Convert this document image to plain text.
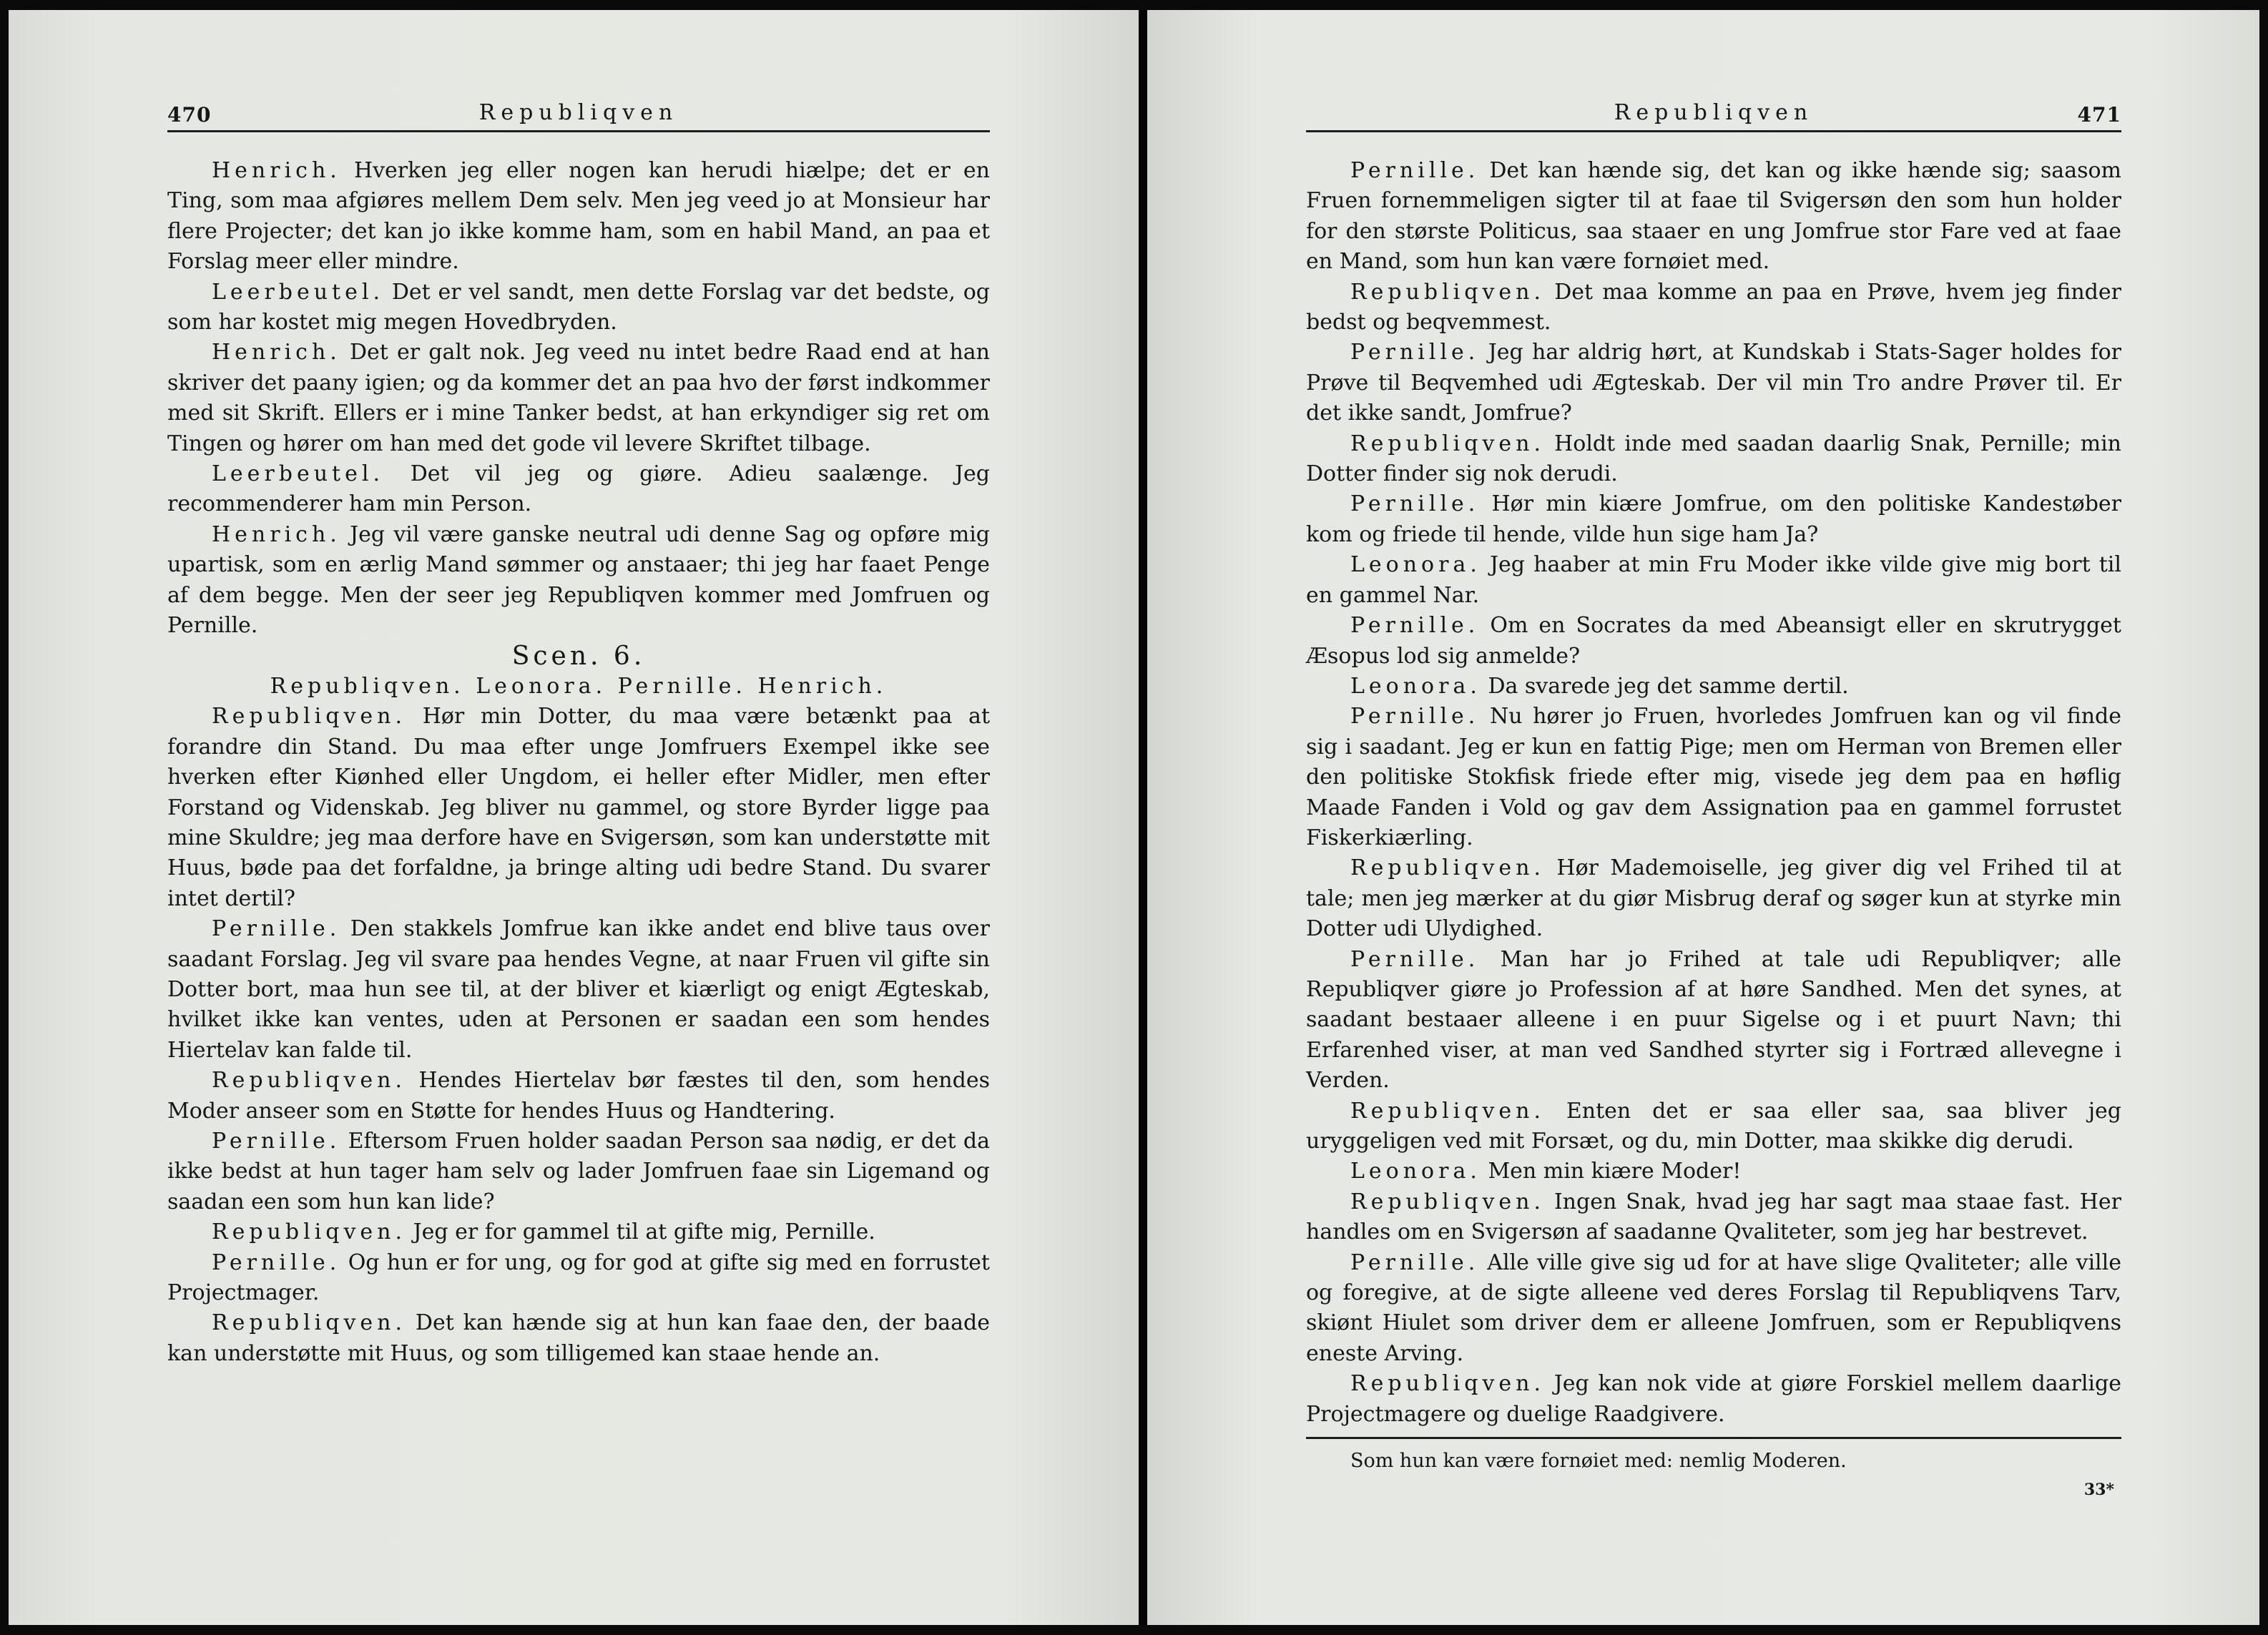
470	Republiqven

Henrich. Hverken jeg eller nogen kan herudi hiælpe; det er en Ting, som maa afgiøres mellem Dem selv. Men jeg veed jo at Monsieur har flere Projecter; det kan jo ikke komme ham, som en habil Mand, an paa et Forslag meer eller mindre.

Leerbeutel. Det er vel sandt, men dette Forslag var det bedste, og som har kostet mig megen Hovedbryden.

Henrich. Det er galt nok. Jeg veed nu intet bedre Raad end at han skriver det paany igien; og da kommer det an paa hvo der først indkommer med sit Skrift. Ellers er i mine Tanker bedst, at han erkyndiger sig ret om Tingen og hører om han med det gode vil levere Skriftet tilbage.

Leerbeutel. Det vil jeg og giøre. Adieu saalænge. Jeg recommenderer ham min Person.

Henrich. Jeg vil være ganske neutral udi denne Sag og opføre mig upartisk, som en ærlig Mand sømmer og anstaaer; thi jeg har faaet Penge af dem begge. Men der seer jeg Republiqven kommer med Jomfruen og Pernille.

Scen. 6.

Republiqven. Leonora. Pernille. Henrich.

Republiqven. Hør min Dotter, du maa være betænkt paa at forandre din Stand. Du maa efter unge Jomfruers Exempel ikke see hverken efter Kiønhed eller Ungdom, ei heller efter Midler, men efter Forstand og Videnskab. Jeg bliver nu gammel, og store Byrder ligge paa mine Skuldre; jeg maa derfore have en Svigersøn, som kan understøtte mit Huus, bøde paa det forfaldne, ja bringe alting udi bedre Stand. Du svarer intet dertil?

Pernille. Den stakkels Jomfrue kan ikke andet end blive taus over saadant Forslag. Jeg vil svare paa hendes Vegne, at naar Fruen vil gifte sin Dotter bort, maa hun see til, at der bliver et kiærligt og enigt Ægteskab, hvilket ikke kan ventes, uden at Personen er saadan een som hendes Hiertelav kan falde til.

Republiqven. Hendes Hiertelav bør fæstes til den, som hendes Moder anseer som en Støtte for hendes Huus og Handtering.

Pernille. Eftersom Fruen holder saadan Person saa nødig, er det da ikke bedst at hun tager ham selv og lader Jomfruen faae sin Ligemand og saadan een som hun kan lide?

Republiqven. Jeg er for gammel til at gifte mig, Pernille.

Pernille. Og hun er for ung, og for god at gifte sig med en forrustet Projectmager.

Republiqven. Det kan hænde sig at hun kan faae den, der baade kan understøtte mit Huus, og som tilligemed kan staae hende an.

Republiqven	471

Pernille. Det kan hænde sig, det kan og ikke hænde sig; saasom Fruen fornemmeligen sigter til at faae til Svigersøn den som hun holder for den største Politicus, saa staaer en ung Jomfrue stor Fare ved at faae en Mand, som hun kan være fornøiet med.

Republiqven. Det maa komme an paa en Prøve, hvem jeg finder bedst og beqvemmest.

Pernille. Jeg har aldrig hørt, at Kundskab i Stats-Sager holdes for Prøve til Beqvemhed udi Ægteskab. Der vil min Tro andre Prøver til. Er det ikke sandt, Jomfrue?

Republiqven. Holdt inde med saadan daarlig Snak, Pernille; min Dotter finder sig nok derudi.

Pernille. Hør min kiære Jomfrue, om den politiske Kandestøber kom og friede til hende, vilde hun sige ham Ja?

Leonora. Jeg haaber at min Fru Moder ikke vilde give mig bort til en gammel Nar.

Pernille. Om en Socrates da med Abeansigt eller en skrutrygget Æsopus lod sig anmelde?

Leonora. Da svarede jeg det samme dertil.

Pernille. Nu hører jo Fruen, hvorledes Jomfruen kan og vil finde sig i saadant. Jeg er kun en fattig Pige; men om Herman von Bremen eller den politiske Stokfisk friede efter mig, visede jeg dem paa en høflig Maade Fanden i Vold og gav dem Assignation paa en gammel forrustet Fiskerkiærling.

Republiqven. Hør Mademoiselle, jeg giver dig vel Frihed til at tale; men jeg mærker at du giør Misbrug deraf og søger kun at styrke min Dotter udi Ulydighed.

Pernille. Man har jo Frihed at tale udi Republiqver; alle Republiqver giøre jo Profession af at høre Sandhed. Men det synes, at saadant bestaaer alleene i en puur Sigelse og i et puurt Navn; thi Erfarenhed viser, at man ved Sandhed styrter sig i Fortræd allevegne i Verden.

Republiqven. Enten det er saa eller saa, saa bliver jeg uryggeligen ved mit Forsæt, og du, min Dotter, maa skikke dig derudi.

Leonora. Men min kiære Moder!

Republiqven. Ingen Snak, hvad jeg har sagt maa staae fast. Her handles om en Svigersøn af saadanne Qvaliteter, som jeg har bestrevet.

Pernille. Alle ville give sig ud for at have slige Qvaliteter; alle ville og foregive, at de sigte alleene ved deres Forslag til Republiqvens Tarv, skiønt Hiulet som driver dem er alleene Jomfruen, som er Republiqvens eneste Arving.

Republiqven. Jeg kan nok vide at giøre Forskiel mellem daarlige Projectmagere og duelige Raadgivere.

Som hun kan være fornøiet med: nemlig Moderen.

33*
